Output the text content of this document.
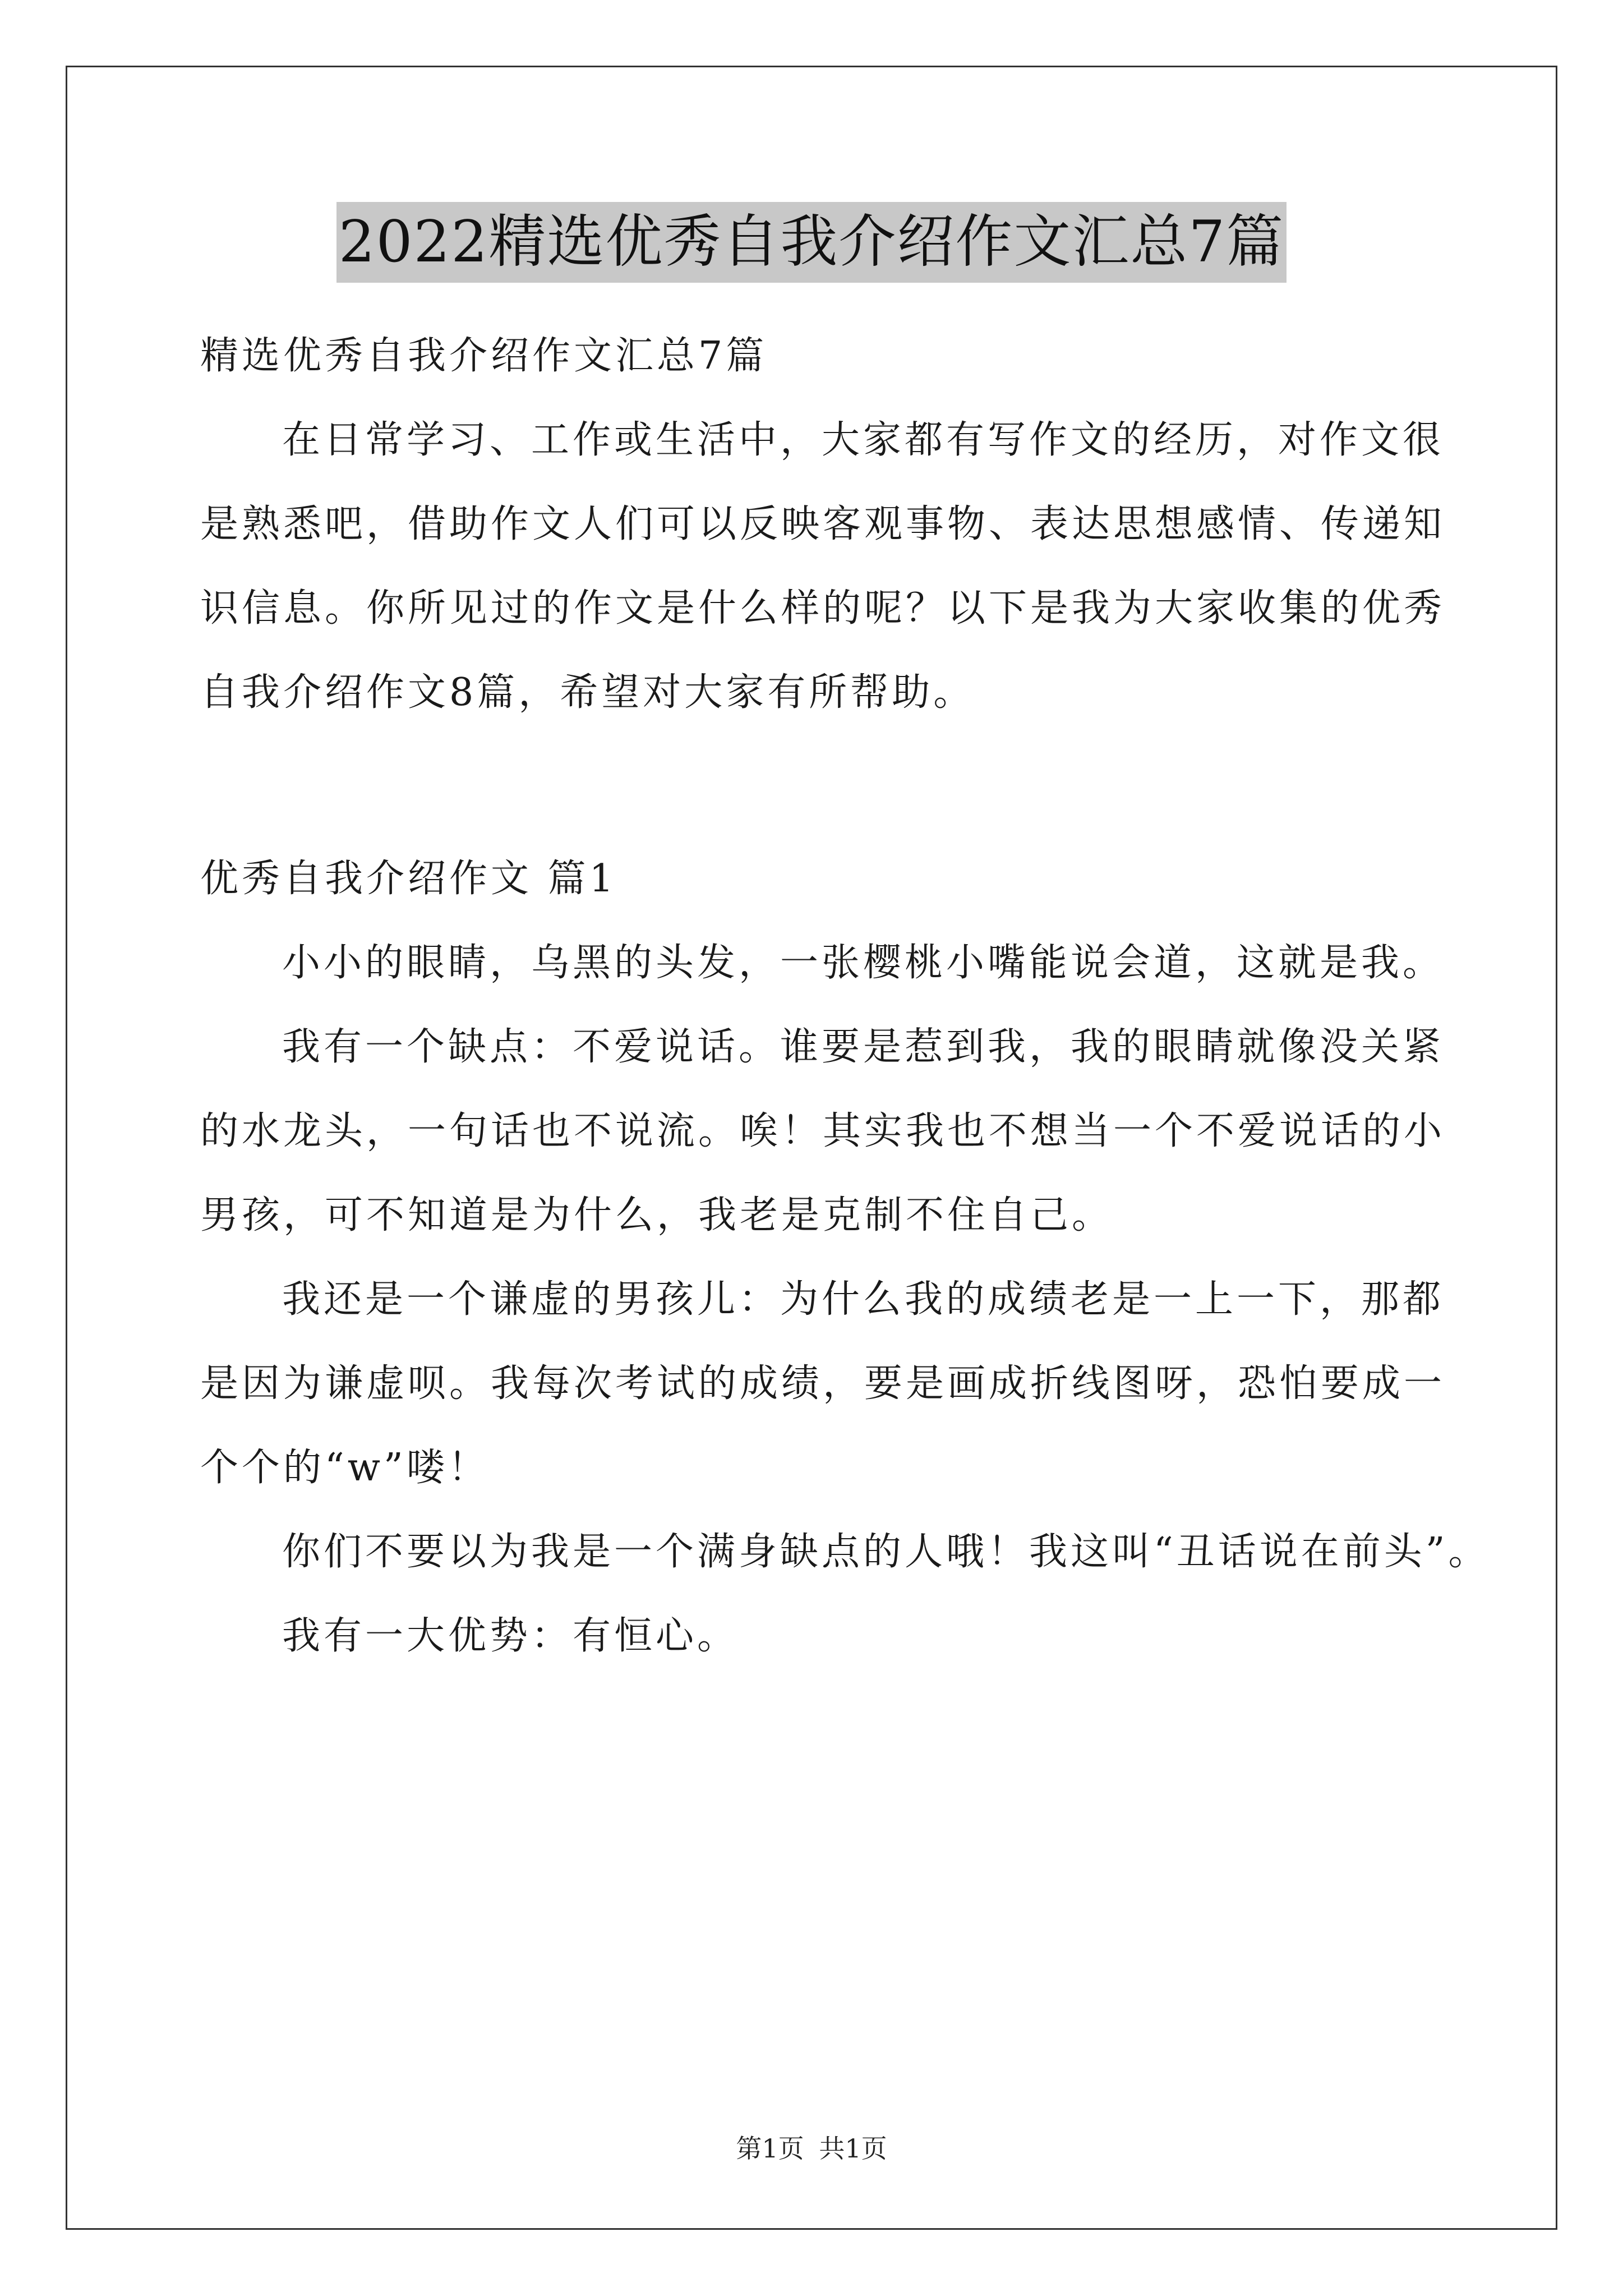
2022精选优秀自我介绍作文汇总7篇
精选优秀自我介绍作文汇总7篇
在日常学习、工作或生活中，大家都有写作文的经历，对作文很
是熟悉吧，借助作文人们可以反映客观事物、表达思想感情、传递知
识信息。你所见过的作文是什么样的呢？以下是我为大家收集的优秀
自我介绍作文8篇，希望对大家有所帮助。
优秀自我介绍作文 篇1
小小的眼睛，乌黑的头发，一张樱桃小嘴能说会道，这就是我。
我有一个缺点：不爱说话。谁要是惹到我，我的眼睛就像没关紧
的水龙头，一句话也不说流。唉！其实我也不想当一个不爱说话的小
男孩，可不知道是为什么，我老是克制不住自己。
我还是一个谦虚的男孩儿：为什么我的成绩老是一上一下，那都
是因为谦虚呗。我每次考试的成绩，要是画成折线图呀，恐怕要成一
个个的“w”喽！
你们不要以为我是一个满身缺点的人哦！我这叫“丑话说在前头”。
我有一大优势：有恒心。
第1页 共1页
